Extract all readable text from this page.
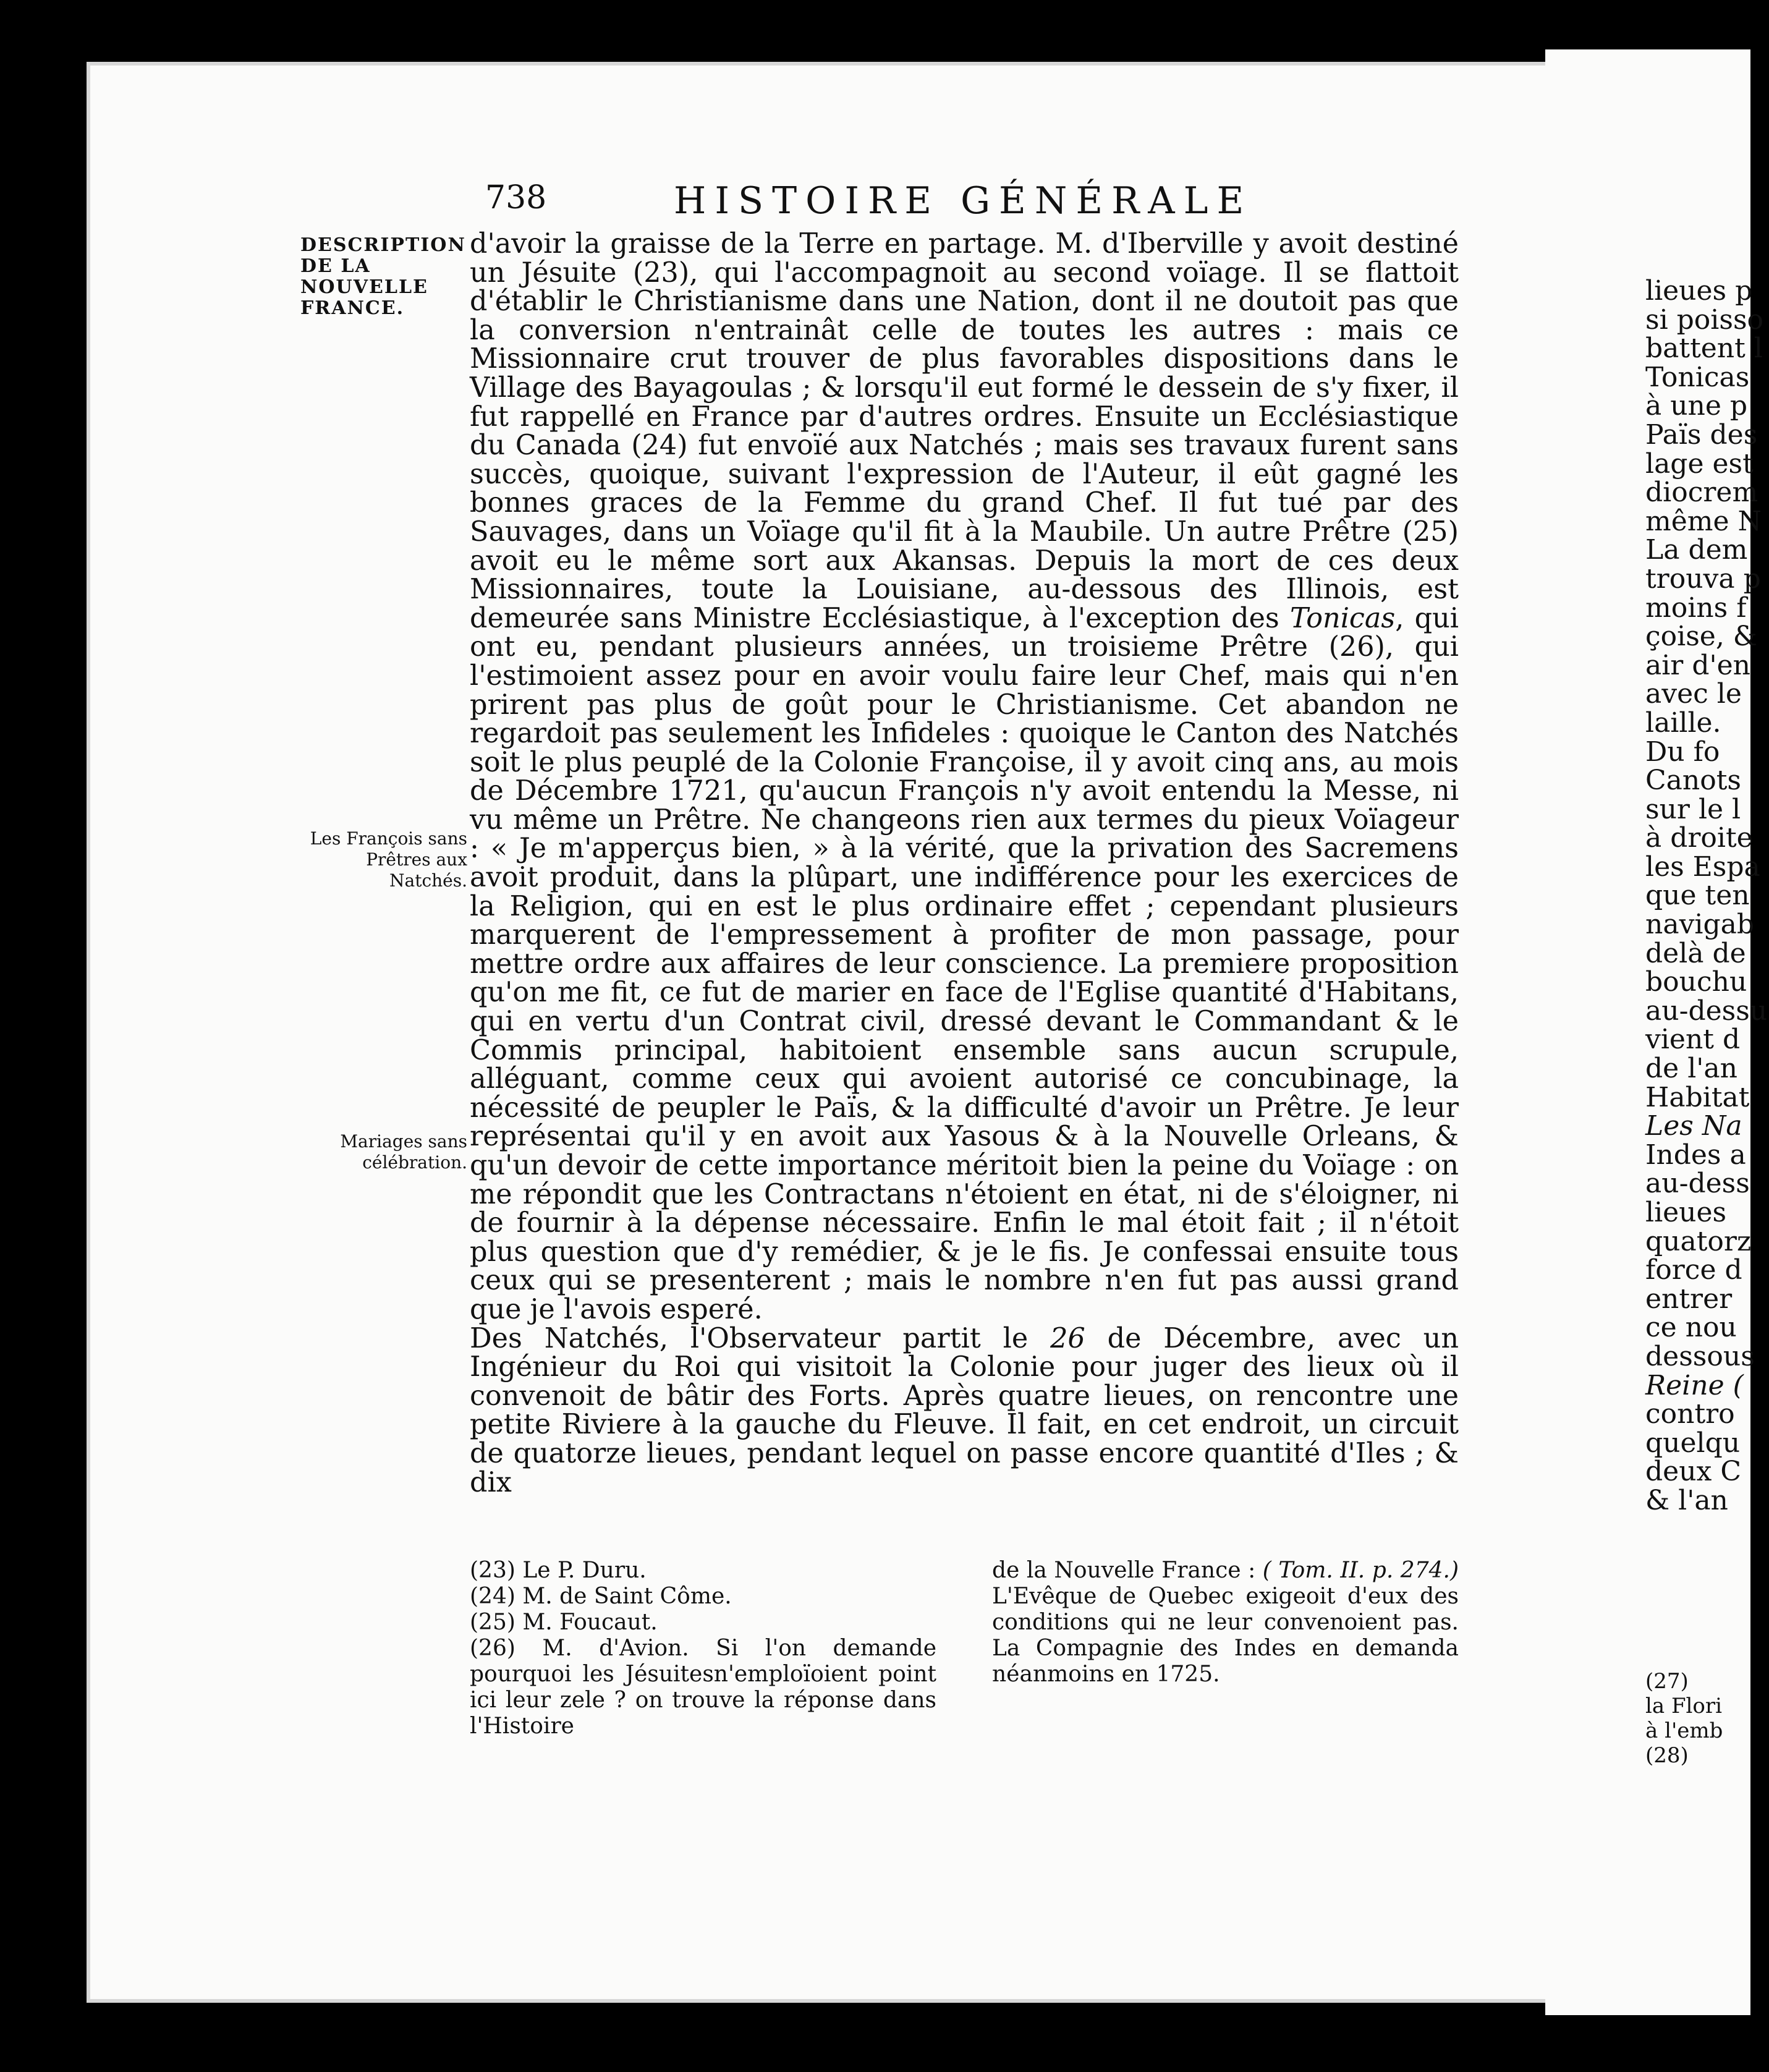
lieues p
si poisso
battent l
Tonicas
à une p
Païs des
lage est
diocrem
même N
La dem
trouva p
moins f
çoise, &
air d'en
avec le
laille.
Du fo
Canots
sur le l
à droite
les Espa
que ten
navigab
delà de
bouchu
au-dessu
vient d
de l'an
Habitat
Les Na
Indes a
au-dess
lieues
quatorz
force d
entrer
ce nou
dessous
Reine (
contro
quelqu
deux C
& l'an
(27)
la Flori
à l'emb
(28)
738	HISTOIRE GÉNÉRALE
DESCRIPTION DE LA NOUVELLE FRANCE.
Les François sans Prêtres aux Natchés.
Mariages sans célébration.

d'avoir la graisse de la Terre en partage. M. d'Iberville y avoit destiné un Jésuite (23), qui l'accompagnoit au second voïage. Il se flattoit d'établir le Christianisme dans une Nation, dont il ne doutoit pas que la conversion n'entrainât celle de toutes les autres : mais ce Missionnaire crut trouver de plus favorables dispositions dans le Village des Bayagoulas ; & lorsqu'il eut formé le dessein de s'y fixer, il fut rappellé en France par d'autres ordres. Ensuite un Ecclésiastique du Canada (24) fut envoïé aux Natchés ; mais ses travaux furent sans succès, quoique, suivant l'expression de l'Auteur, il eût gagné les bonnes graces de la Femme du grand Chef. Il fut tué par des Sauvages, dans un Voïage qu'il fit à la Maubile. Un autre Prêtre (25) avoit eu le même sort aux Akansas. Depuis la mort de ces deux Missionnaires, toute la Louisiane, au-dessous des Illinois, est demeurée sans Ministre Ecclésiastique, à l'exception des Tonicas, qui ont eu, pendant plusieurs années, un troisieme Prêtre (26), qui l'estimoient assez pour en avoir voulu faire leur Chef, mais qui n'en prirent pas plus de goût pour le Christianisme. Cet abandon ne regardoit pas seulement les Infideles : quoique le Canton des Natchés soit le plus peuplé de la Colonie Françoise, il y avoit cinq ans, au mois de Décembre 1721, qu'aucun François n'y avoit entendu la Messe, ni vu même un Prêtre. Ne changeons rien aux termes du pieux Voïageur : « Je m'apperçus bien, » à la vérité, que la privation des Sacremens avoit produit, dans la plûpart, une indifférence pour les exercices de la Religion, qui en est le plus ordinaire effet ; cependant plusieurs marquerent de l'empressement à profiter de mon passage, pour mettre ordre aux affaires de leur conscience. La premiere proposition qu'on me fit, ce fut de marier en face de l'Eglise quantité d'Habitans, qui en vertu d'un Contrat civil, dressé devant le Commandant & le Commis principal, habitoient ensemble sans aucun scrupule, alléguant, comme ceux qui avoient autorisé ce concubinage, la nécessité de peupler le Païs, & la difficulté d'avoir un Prêtre. Je leur représentai qu'il y en avoit aux Yasous & à la Nouvelle Orleans, & qu'un devoir de cette importance méritoit bien la peine du Voïage : on me répondit que les Contractans n'étoient en état, ni de s'éloigner, ni de fournir à la dépense nécessaire. Enfin le mal étoit fait ; il n'étoit plus question que d'y remédier, & je le fis. Je confessai ensuite tous ceux qui se presenterent ; mais le nombre n'en fut pas aussi grand que je l'avois esperé.

Des Natchés, l'Observateur partit le 26 de Décembre, avec un Ingénieur du Roi qui visitoit la Colonie pour juger des lieux où il convenoit de bâtir des Forts. Après quatre lieues, on rencontre une petite Riviere à la gauche du Fleuve. Il fait, en cet endroit, un circuit de quatorze lieues, pendant lequel on passe encore quantité d'Iles ; & dix

(23) Le P. Duru.

(24) M. de Saint Côme.

(25) M. Foucaut.

(26) M. d'Avion. Si l'on demande pourquoi les Jésuitesn'emploïoient point ici leur zele ? on trouve la réponse dans l'Histoire

de la Nouvelle France : ( Tom. II. p. 274.) L'Evêque de Quebec exigeoit d'eux des conditions qui ne leur convenoient pas. La Compagnie des Indes en demanda néanmoins en 1725.
